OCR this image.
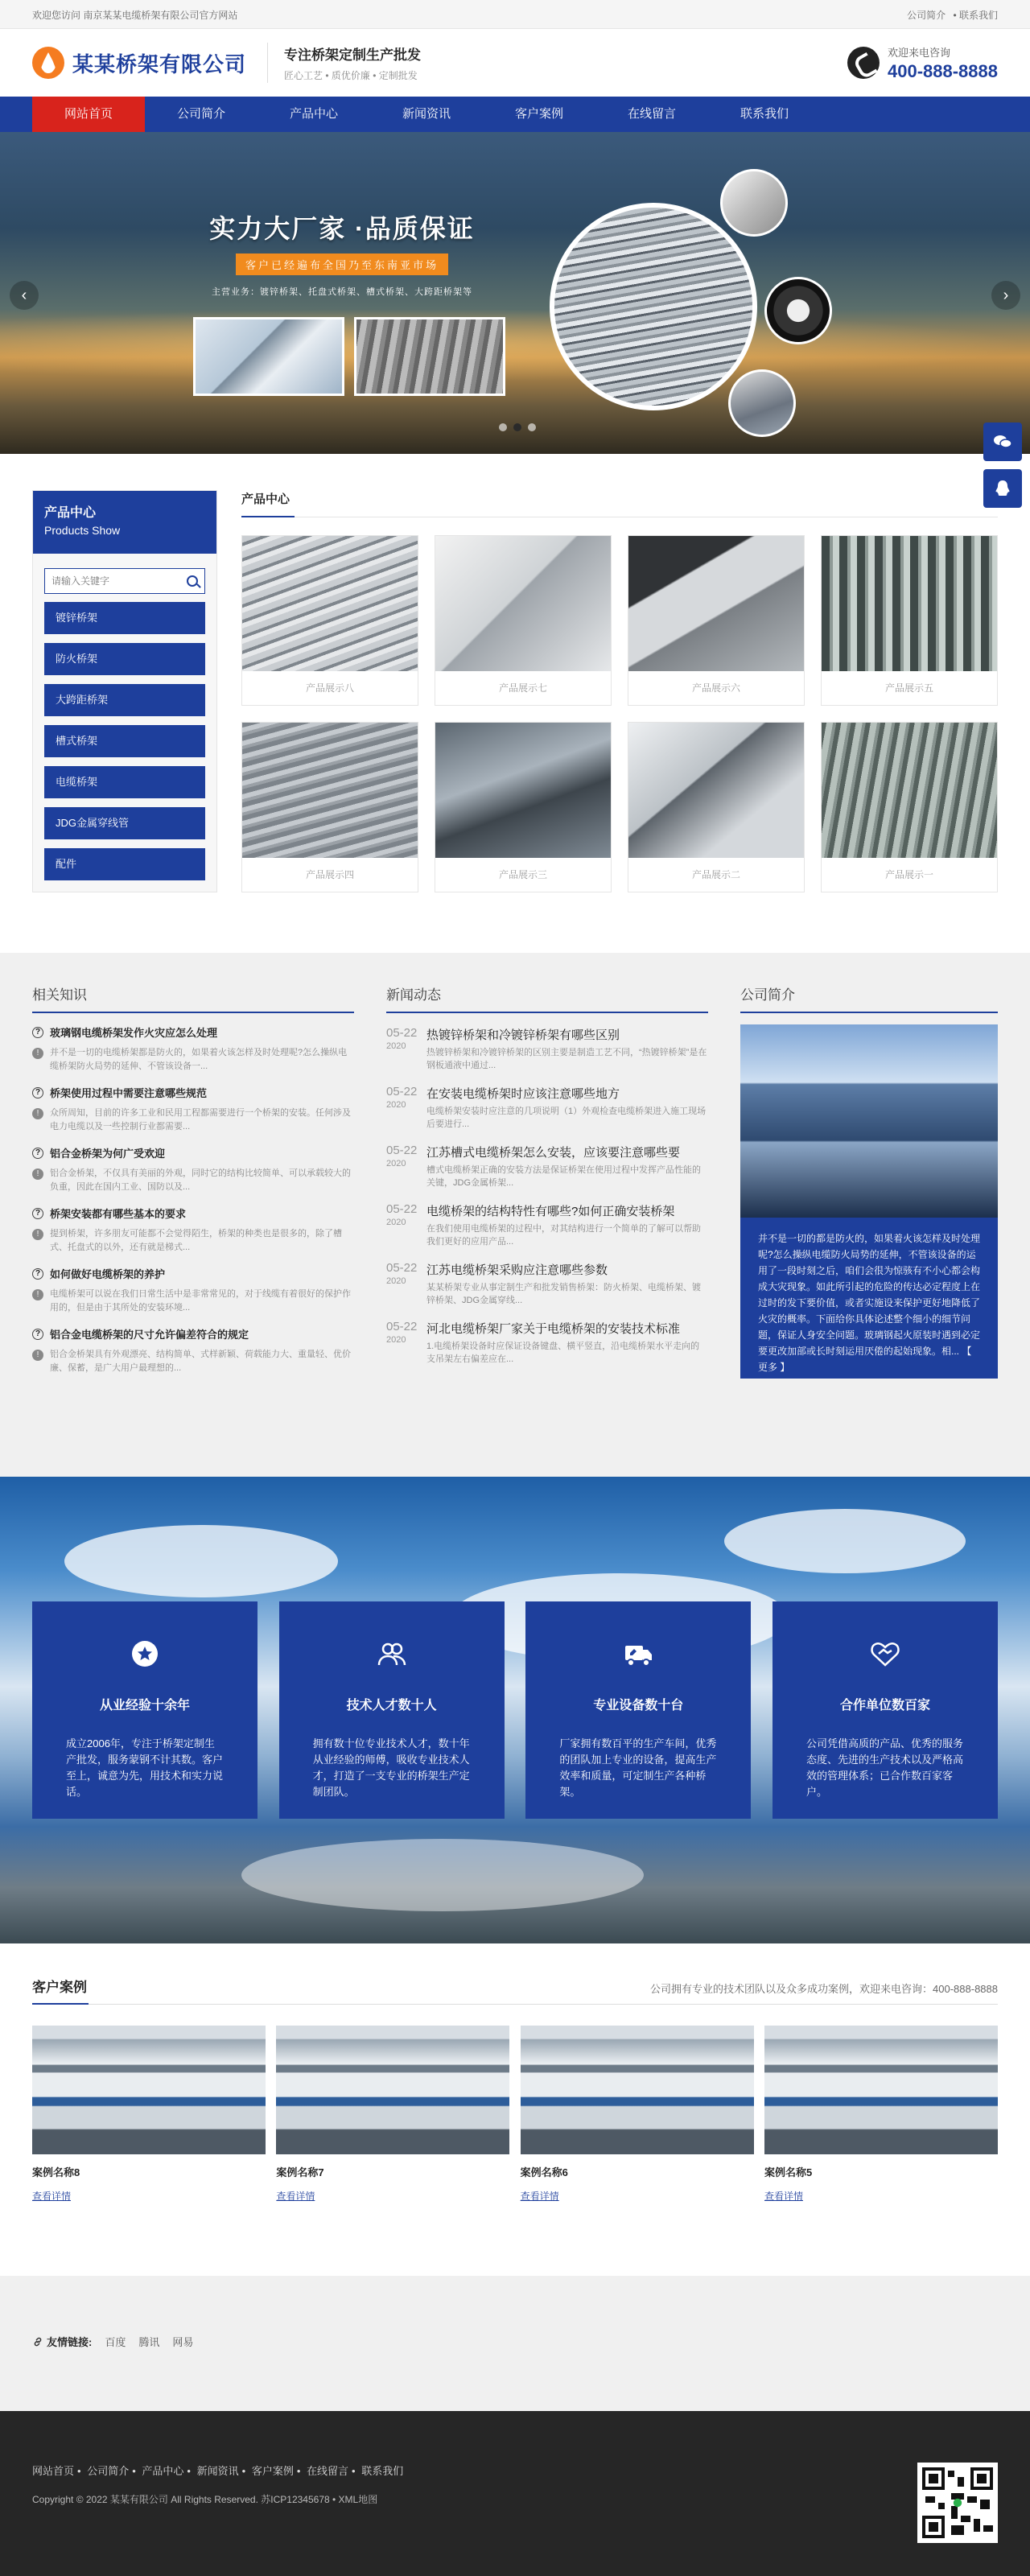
欢迎您访问 南京某某电缆桥架有限公司官方网站	公司简介 • 联系我们
某某桥架有限公司	专注桥架定制生产批发
匠心工艺 • 质优价廉 • 定制批发
欢迎来电咨询
400-888-8888
网站首页	公司简介	产品中心	新闻资讯	客户案例	在线留言	联系我们
实力大厂家 ·品质保证
客户已经遍布全国乃至东南亚市场
主营业务：镀锌桥架、托盘式桥架、槽式桥架、大跨距桥架等
‹	›
产品中心
Products Show
请输入关键字
镀锌桥架
防火桥架
大跨距桥架
槽式桥架
电缆桥架
JDG金属穿线管
配件
产品中心
产品展示八	产品展示七	产品展示六	产品展示五
产品展示四	产品展示三	产品展示二	产品展示一
相关知识
? 玻璃钢电缆桥架发作火灾应怎么处理
!	并不是一切的电缆桥架都是防火的，如果着火该怎样及时处理呢?怎么操纵电缆桥架防火局势的延伸、不管该设备一...
? 桥架使用过程中需要注意哪些规范
!	众所周知，目前的许多工业和民用工程都需要进行一个桥架的安装。任何涉及电力电缆以及一些控制行业都需要...
? 铝合金桥架为何广受欢迎
!	铝合金桥架，不仅具有美丽的外观，同时它的结构比较简单、可以承载较大的负重，因此在国内工业、国防以及...
? 桥架安装都有哪些基本的要求
!	提到桥架，许多朋友可能都不会觉得陌生，桥架的种类也是很多的，除了槽式、托盘式的以外，还有就是梯式...
? 如何做好电缆桥架的养护
!	电缆桥架可以说在我们日常生活中是非常常见的，对于线缆有着很好的保护作用的，但是由于其所处的安装环境...
? 铝合金电缆桥架的尺寸允许偏差符合的规定
!	铝合金桥架具有外观漂亮、结构简单、式样新颖、荷载能力大、重量轻、优价廉、保蓄，是广大用户最理想的...
新闻动态
05-22
2020
热镀锌桥架和冷镀锌桥架有哪些区别
热镀锌桥架和冷镀锌桥架的区别主要是制造工艺不同，“热镀锌桥架”是在钢板通液中通过...
05-22
2020
在安装电缆桥架时应该注意哪些地方
电缆桥架安装时应注意的几项说明（1）外观检查电缆桥架进入施工现场后要进行...
05-22
2020
江苏槽式电缆桥架怎么安装，应该要注意哪些要
槽式电缆桥架正确的安装方法是保证桥架在使用过程中发挥产品性能的关键，JDG金属桥架...
05-22
2020
电缆桥架的结构特性有哪些?如何正确安装桥架
在我们使用电缆桥架的过程中，对其结构进行一个简单的了解可以帮助我们更好的应用产品...
05-22
2020
江苏电缆桥架采购应注意哪些参数
某某桥架专业从事定制生产和批发销售桥架：防火桥架、电缆桥架、镀锌桥架、JDG金属穿线...
05-22
2020
河北电缆桥架厂家关于电缆桥架的安装技术标准
1.电缆桥架设备时应保证设备键盘、横平竖直，沿电缆桥架水平走向的支吊架左右偏差应在...
公司简介
并不是一切的都是防火的，如果着火该怎样及时处理呢?怎么操纵电缆防火局势的延伸，不管该设备的运用了一段时刻之后，咱们会很为惊骇有不小心都会构成大灾现象。如此所引起的危险的传达必定程度上在过时的发下要价值，或者实施设来保护更好地降低了火灾的概率。下面给你具体论述整个细小的细节问题，保证人身安全问题。玻璃钢起火原装时遇到必定要更改加部或长时刻运用厌倦的起始现象。相... 【 更多 】
从业经验十余年
成立2006年，专注于桥架定制生产批发，服务蒙钢不计其数。客户至上，诚意为先，用技术和实力说话。
技术人才数十人
拥有数十位专业技术人才，数十年从业经验的师傅，吸收专业技术人才，打造了一支专业的桥架生产定制团队。
专业设备数十台
厂家拥有数百平的生产车间，优秀的团队加上专业的设备，提高生产效率和质量，可定制生产各种桥架。
合作单位数百家
公司凭借高质的产品、优秀的服务态度、先进的生产技术以及严格高效的管理体系；已合作数百家客户。
客户案例	公司拥有专业的技术团队以及众多成功案例，欢迎来电咨询：400-888-8888
案例名称8
查看详情
案例名称7
查看详情
案例名称6
查看详情
案例名称5
查看详情
友情链接: 百度 腾讯 网易
网站首页 • 公司简介 • 产品中心 • 新闻资讯 • 客户案例 • 在线留言 • 联系我们
Copyright © 2022 某某有限公司 All Rights Reserved. 苏ICP12345678 • XML地图
